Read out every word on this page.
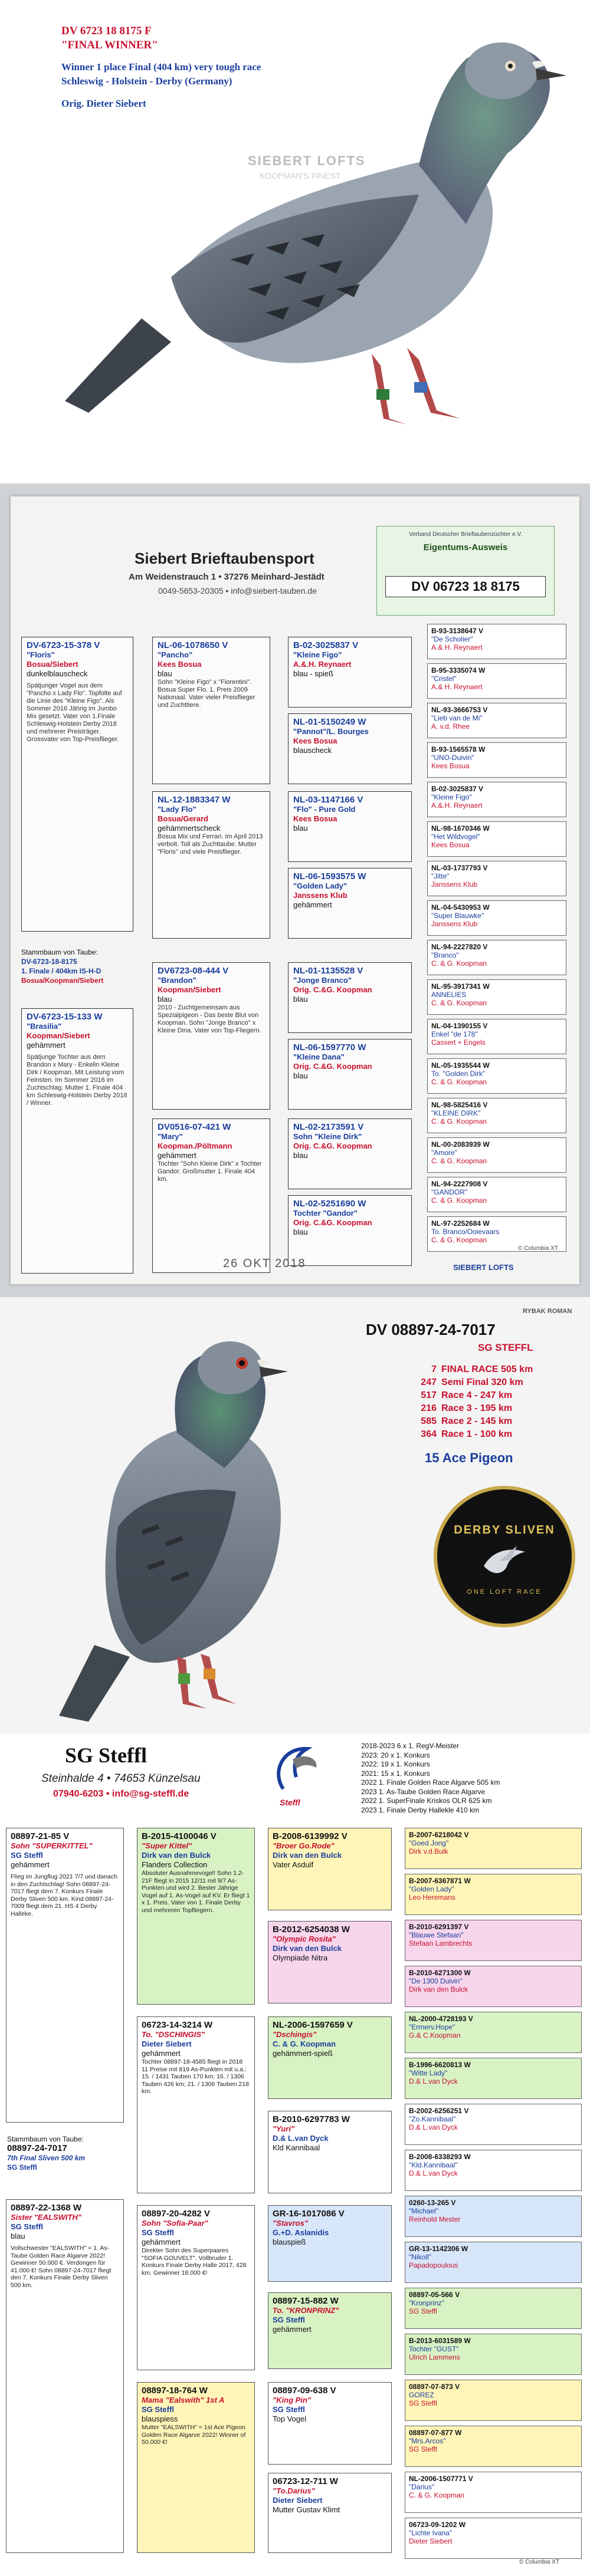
DV 6723 18 8175 F
"FINAL WINNER"
Winner 1 place Final (404 km) very tough race
Schleswig - Holstein - Derby (Germany)
Orig. Dieter Siebert
SIEBERT LOFTS
KOOPMAN'S FINEST
Siebert Brieftaubensport
Am Weidenstrauch 1 • 37276 Meinhard-Jestädt
0049-5653-20305 • info@siebert-tauben.de
Verband Deutscher Brieftaubenzüchter e.V.
Eigentums-Ausweis
DV 06723 18 8175
DV-6723-15-378 V
"Floris"
Bosua/Siebert
dunkelblauscheck
Spätjunger Vogel aus dem "Pancho x Lady Flo". Topfolte auf die Linie des "Kleine Figo". Als Sommer 2016 Jährig im Jumbo Mix gesetzt. Vater von 1.Finale Schleswig-Holstein Derby 2018 und mehrerer Preisträger. Grossvater von Top-Preisflieger.
Stammbaum von Taube:
DV-6723-18-8175
1. Finale / 404km IS-H-D
Bosua/Koopman/Siebert
DV-6723-15-133 W
"Brasilia"
Koopman/Siebert
gehämmert
Spätjunge Tochter aus dem Brandon x Mary - Enkelin Kleine Dirk / Koopman. Mit Leistung vom Feinsten. Im Sommer 2016 im Zuchtschlag. Mutter 1. Finale 404 km Schleswig-Holstein Derby 2018 / Winner.
NL-06-1078650 V
"Pancho"
Kees Bosua
blau
Sohn "Kleine Figo" x "Fiorentini". Bosua Super Flo. 1. Preis 2009 Nationaal. Vater vieler Preisflieger und Zuchttiere.
NL-12-1883347 W
"Lady Flo"
Bosua/Gerard
gehämmertscheck
Bosua Mix und Ferrari. Im April 2013 verbolt. Toll als Zuchttaube. Mutter "Floris" und viele Preisflieger.
DV6723-08-444 V
"Brandon"
Koopman/Siebert
blau
2010 - Zuchtgemeinsam aus Spezialpigeon - Das beste Blut von Koopman. Sohn "Jonge Branco" x Kleine Dina. Vater von Top-Fliegern.
DV0516-07-421 W
"Mary"
Koopman./Pöltmann
gehämmert
Tochter "Sohn Kleine Dirk" x Tochter Gandor. Großmutter 1. Finale 404 km.
B-02-3025837 V
"Kleine Figo"
A.&.H. Reynaert
blau - spieß
NL-01-5150249 W
"Pannot"/L. Bourges
Kees Bosua
blauscheck
NL-03-1147166 V
"Flo" - Pure Gold
Kees Bosua
blau
NL-06-1593575 W
"Golden Lady"
Janssens Klub
gehämmert
NL-01-1135528 V
"Jonge Branco"
Orig. C.&G. Koopman
blau
NL-06-1597770 W
"Kleine Dana"
Orig. C.&G. Koopman
blau
NL-02-2173591 V
Sohn "Kleine Dirk"
Orig. C.&G. Koopman
blau
NL-02-5251690 W
Tochter "Gandor"
Orig. C.&G. Koopman
blau
B-93-3138647 V
"De Scholier"
A.& H. Reynaert
B-95-3335074 W
"Cristel"
A.& H. Reynaert
NL-93-3666753 V
"Lieb van de Mi"
A. v.d. Rhee
B-93-1565578 W
"UNO-Duivin"
Kees Bosua
B-02-3025837 V
"Kleine Figo"
A.&.H. Reynaert
NL-98-1670346 W
"Het Wildvogel"
Kees Bosua
NL-03-1737793 V
"Jitte"
Janssens Klub
NL-04-5430953 W
"Super Blauwke"
Janssens Klub
NL-94-2227820 V
"Branco"
C. & G. Koopman
NL-95-3917341 W
ANNELIES
C. & G. Koopman
NL-04-1390155 V
Enkel "de 178"
Cassert + Engels
NL-05-1935544 W
To. "Golden Dirk"
C. & G. Koopman
NL-98-5825416 V
"KLEINE DIRK"
C. & G. Koopman
NL-00-2083939 W
"Amore"
C. & G. Koopman
NL-94-2227908 V
"GANDOR"
C. & G. Koopman
NL-97-2252684 W
To. Branco/Ooievaars
C. & G. Koopman
26 OKT 2018	SIEBERT LOFTS
© Columbia XT
RYBAK ROMAN
DV 08897-24-7017
SG STEFFL
7 FINAL RACE 505 km
247 Semi Final 320 km
517 Race 4 - 247 km
216 Race 3 - 195 km
585 Race 2 - 145 km
364 Race 1 - 100 km
15 Ace Pigeon
DERBY SLIVEN
ONE LOFT RACE
SG Steffl
Steinhalde 4 • 74653 Künzelsau
07940-6203 • info@sg-steffl.de
Steffl
2018-2023 6 x 1. RegV-Meister
2023: 20 x 1. Konkurs
2022: 19 x 1. Konkurs
2021: 15 x 1. Konkurs
2022 1. Finale Golden Race Algarve 505 km
2023 1. As-Taube Golden Race Algarve
2022 1. SuperFinale Kriskos OLR 625 km
2023 1. Finale Derby Hallekle 410 km
08897-21-85 V
Sohn "SUPERKITTEL"
SG Steffl
gehämmert
Flieg im Jungflug 2021 7/7 und danach in den Zuchtschlag! Sohn 08897-24-7017 fliegt dem 7. Konkurs Finale Derby Sliven 500 km. Kind 08897-24-7009 fliegt dem 21. HS 4 Derby Halleke.
Stammbaum von Taube:
08897-24-7017
7th Final Sliven 500 km
SG Steffl
08897-22-1368 W
Sister "EALSWITH"
SG Steffl
blau
Vollschwester "EALSWITH" = 1. As-Taube Golden Race Algarve 2022! Gewinner 50.000 €. Verdongen für 41.000 €! Sohn 08897-24-7017 fliegt den 7. Konkurs Finale Derby Sliven 500 km.
B-2015-4100046 V
"Super Kittel"
Dirk van den Bulck
Flanders Collection
Absoluter Ausnahmevogel! Sohn 1.2-21F fliegt in 2015 12/11 mit 9/7 As-Punkten und wird 2. Bester Jährige Vogel auf 1. As-Vogel auf KV. Er fliegt 1 x 1. Preis. Vater von 1. Finale Derby und mehreren Topfliegern.
06723-14-3214 W
To. "DSCHINGIS"
Dieter Siebert
gehämmert
Tochter 08897-18-4585 fliegt in 2018 11 Preise mit 819 As-Punkten mit u.a.: 15. / 1431 Tauben 170 km; 16. / 1306 Tauben 426 km; 21. / 1306 Tauben 218 km.
08897-20-4282 V
Sohn "Sofia-Paar"
SG Steffl
gehämmert
Direkter Sohn des Superpaares "SOFIA GOUVELT". Vollbruder 1. Konkurs Finale Derby Halle 2017, 428 km. Gewinner 18.000 €!
08897-18-764 W
Mama "Ealswith" 1st A
SG Steffl
blauspiess
Mutter "EALSWITH" = 1st Ace Pigeon Golden Race Algarve 2022! Winner of 50.000 €!
B-2008-6139992 V
"Broer Go.Rode"
Dirk van den Bulck
Vater Asduif
B-2012-6254038 W
"Olympic Rosita"
Dirk van den Bulck
Olympiade Nitra
NL-2006-1597659 V
"Dschingis"
C. & G. Koopman
gehämmert-spieß
B-2010-6297783 W
"Yuri"
D.& L.van Dyck
Kld Kannibaal
GR-16-1017086 V
"Stavros"
G.+D. Aslanidis
blauspieß
08897-15-882 W
To. "KRONPRINZ"
SG Steffl
gehämmert
08897-09-638 V
"King Pin"
SG Steffl
Top Vogel
06723-12-711 W
"To.Darius"
Dieter Siebert
Mutter Gustav Klimt
B-2007-6218042 V
"Goed Jong"
Dirk v.d.Bulk
B-2007-6367871 W
"Golden Lady"
Leo Heremans
B-2010-6291397 V
"Blauwe Stefaan"
Stefaan Lambrechts
B-2010-6271300 W
"De 1300 Duivin"
Dirk van den Bulck
NL-2000-4728193 V
"Ermerv.Hope"
G.& C.Koopman
B-1996-6620813 W
"Witte Lady"
D.& L.van Dyck
B-2002-6256251 V
"Zo.Kannibaal"
D.& L.van Dyck
B-2008-6338293 W
"Kld.Kannibaal"
D.& L.van Dyck
0260-13-265 V
"Michael"
Reinhold Mester
GR-13-1142306 W
"Nikoll"
Papadopoulous
08897-05-566 V
"Kronprinz"
SG Steffl
B-2013-6031589 W
Tochter "GUST"
Ulrich Lammens
08897-07-873 V
GOREZ
SG Steffl
08897-07-877 W
"Mrs.Arcos"
SG Steffl
NL-2006-1507771 V
"Darius"
C. & G. Koopman
06723-09-1202 W
"Lichte Ivana"
Dieter Siebert
© Columbia XT
